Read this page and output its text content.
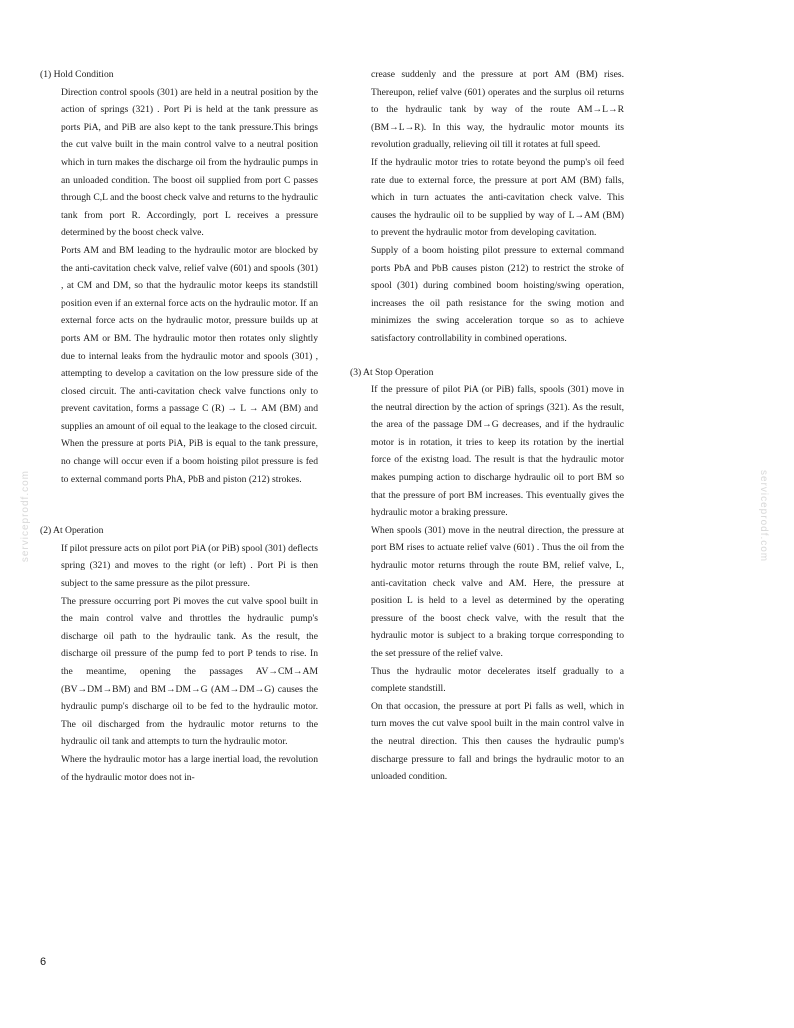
serviceprodf.com	serviceprodf.com
(1) Hold Condition

Direction control spools (301) are held in a neutral position by the action of springs (321) . Port Pi is held at the tank pressure as ports PiA, and PiB are also kept to the tank pressure.This brings the cut valve built in the main control valve to a neutral position which in turn makes the discharge oil from the hydraulic pumps in an unloaded condition. The boost oil supplied from port C passes through C,L and the boost check valve and returns to the hydraulic tank from port R. Accordingly, port L receives a pressure determined by the boost check valve.

Ports AM and BM leading to the hydraulic motor are blocked by the anti-cavitation check valve, relief valve (601) and spools (301) , at CM and DM, so that the hydraulic motor keeps its standstill position even if an external force acts on the hydraulic motor. If an external force acts on the hydraulic motor, pressure builds up at ports AM or BM. The hydraulic motor then rotates only slightly due to internal leaks from the hydraulic motor and spools (301) , attempting to develop a cavitation on the low pressure side of the closed circuit. The anti-cavitation check valve functions only to prevent cavitation, forms a passage C (R) → L → AM (BM) and supplies an amount of oil equal to the leakage to the closed circuit.

When the pressure at ports PiA, PiB is equal to the tank pressure, no change will occur even if a boom hoisting pilot pressure is fed to external command ports PhA, PbB and piston (212) strokes.

(2) At Operation

If pilot pressure acts on pilot port PiA (or PiB) spool (301) deflects spring (321) and moves to the right (or left) . Port Pi is then subject to the same pressure as the pilot pressure.

The pressure occurring port Pi moves the cut valve spool built in the main control valve and throttles the hydraulic pump's discharge oil path to the hydraulic tank. As the result, the discharge oil pressure of the pump fed to port P tends to rise. In the meantime, opening the passages AV→CM→AM (BV→DM→BM) and BM→DM→G (AM→DM→G) causes the hydraulic pump's discharge oil to be fed to the hydraulic motor. The oil discharged from the hydraulic motor returns to the hydraulic oil tank and attempts to turn the hydraulic motor.

Where the hydraulic motor has a large inertial load, the revolution of the hydraulic motor does not in-

crease suddenly and the pressure at port AM (BM) rises. Thereupon, relief valve (601) operates and the surplus oil returns to the hydraulic tank by way of the route AM→L→R (BM→L→R). In this way, the hydraulic motor mounts its revolution gradually, relieving oil till it rotates at full speed.

If the hydraulic motor tries to rotate beyond the pump's oil feed rate due to external force, the pressure at port AM (BM) falls, which in turn actuates the anti-cavitation check valve. This causes the hydraulic oil to be supplied by way of L→AM (BM) to prevent the hydraulic motor from developing cavitation.

Supply of a boom hoisting pilot pressure to external command ports PbA and PbB causes piston (212) to restrict the stroke of spool (301) during combined boom hoisting/swing operation, increases the oil path resistance for the swing motion and minimizes the swing acceleration torque so as to achieve satisfactory controllability in combined operations.

(3) At Stop Operation

If the pressure of pilot PiA (or PiB) falls, spools (301) move in the neutral direction by the action of springs (321). As the result, the area of the passage DM→G decreases, and if the hydraulic motor is in rotation, it tries to keep its rotation by the inertial force of the existng load. The result is that the hydraulic motor makes pumping action to discharge hydraulic oil to port BM so that the pressure of port BM increases. This eventually gives the hydraulic motor a braking pressure.

When spools (301) move in the neutral direction, the pressure at port BM rises to actuate relief valve (601) . Thus the oil from the hydraulic motor returns through the route BM, relief valve, L, anti-cavitation check valve and AM. Here, the pressure at position L is held to a level as determined by the operating pressure of the boost check valve, with the result that the hydraulic motor is subject to a braking torque corresponding to the set pressure of the relief valve.

Thus the hydraulic motor decelerates itself gradually to a complete standstill.

On that occasion, the pressure at port Pi falls as well, which in turn moves the cut valve spool built in the main control valve in the neutral direction. This then causes the hydraulic pump's discharge pressure to fall and brings the hydraulic motor to an unloaded condition.

6
